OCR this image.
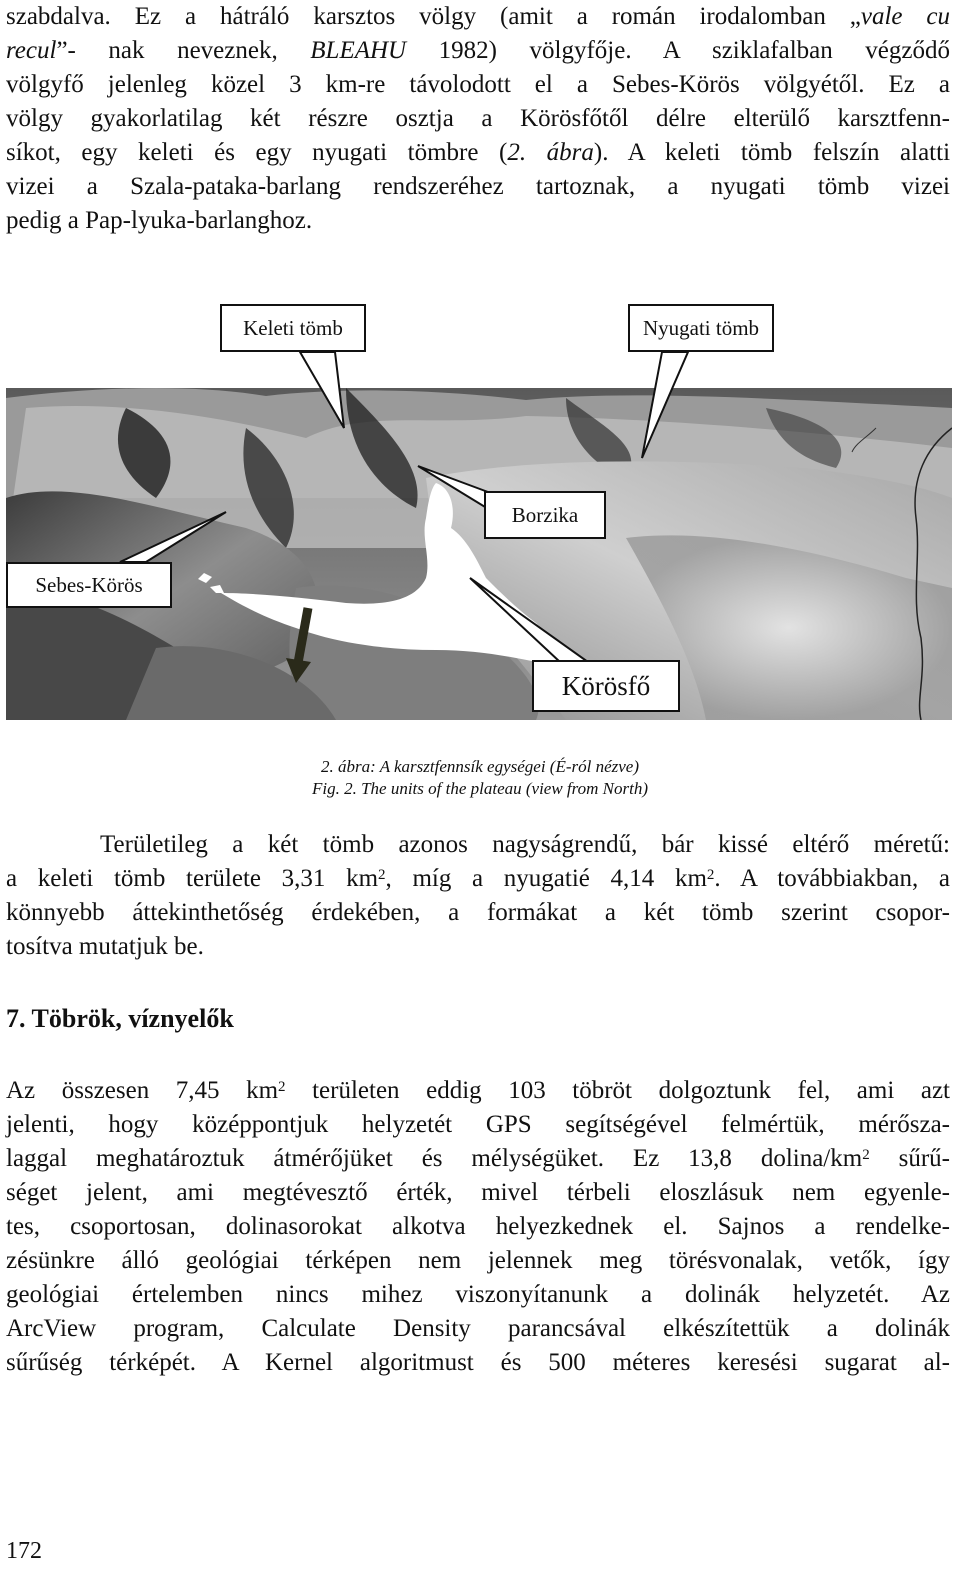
szabdalva. Ez a hátráló karsztos völgy (amit a román irodalomban „vale cu
recul”- nak neveznek, BLEAHU 1982) völgyfője. A sziklafalban végződő
völgyfő jelenleg közel 3 km-re távolodott el a Sebes-Körös völgyétől. Ez a
völgy gyakorlatilag két részre osztja a Körösfőtől délre elterülő karsztfenn-
síkot, egy keleti és egy nyugati tömbre (2. ábra). A keleti tömb felszín alatti
vizei a Szala-pataka-barlang rendszeréhez tartoznak, a nyugati tömb vizei
pedig a Pap-lyuka-barlanghoz.
Keleti tömb	Nyugati tömb
Borzika
Sebes-Körös
Körösfő
2. ábra: A karsztfennsík egységei (É-ról nézve)
Fig. 2. The units of the plateau (view from North)
Területileg a két tömb azonos nagyságrendű, bár kissé eltérő méretű:
a keleti tömb területe 3,31 $km^2$, míg a nyugatié 4,14 $km^2$. A továbbiakban, a
könnyebb áttekinthetőség érdekében, a formákat a két tömb szerint csopor-
tosítva mutatjuk be.
7. Töbrök, víznyelők
Az összesen 7,45 $km^2$ területen eddig 103 töbröt dolgoztunk fel, ami azt
jelenti, hogy középpontjuk helyzetét GPS segítségével felmértük, mérősza-
laggal meghatároztuk átmérőjüket és mélységüket. Ez 13,8 dolina/$km^2$ sűrű-
séget jelent, ami megtévesztő érték, mivel térbeli eloszlásuk nem egyenle-
tes, csoportosan, dolinasorokat alkotva helyezkednek el. Sajnos a rendelke-
zésünkre álló geológiai térképen nem jelennek meg törésvonalak, vetők, így
geológiai értelemben nincs mihez viszonyítanunk a dolinák helyzetét. Az
ArcView program, Calculate Density parancsával elkészítettük a dolinák
sűrűség térképét. A Kernel algoritmust és 500 méteres keresési sugarat al-
172
